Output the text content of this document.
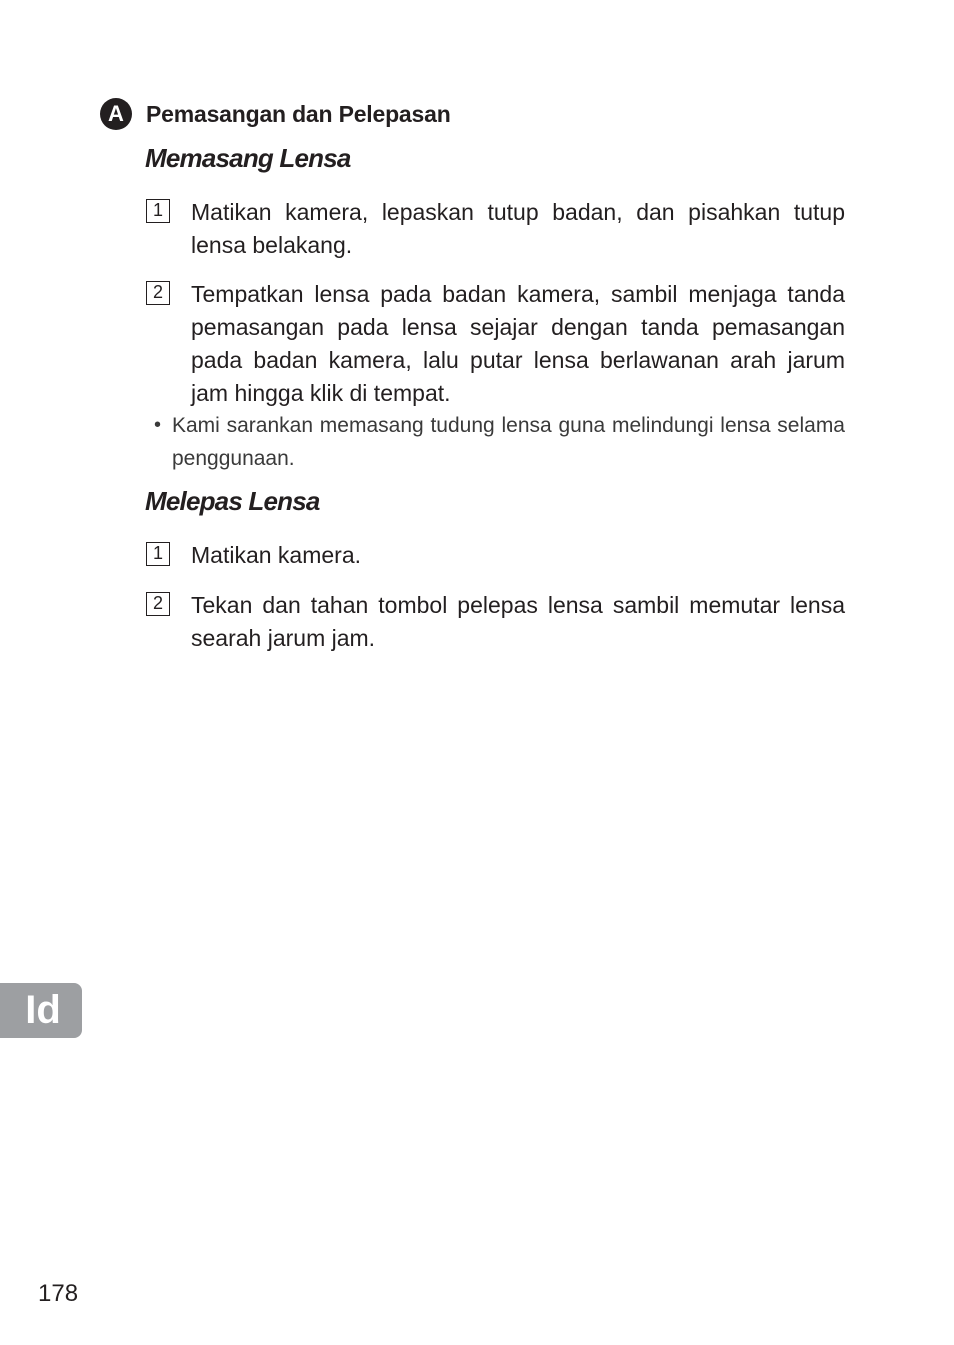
A Pemasangan dan Pelepasan
Memasang Lensa
1	Matikan kamera, lepaskan tutup badan, dan pisahkan tutup lensa belakang.
2	Tempatkan lensa pada badan kamera, sambil menjaga tanda pemasangan pada lensa sejajar dengan tanda pemasangan pada badan kamera, lalu putar lensa berlawanan arah jarum jam hingga klik di tempat.
• Kami sarankan memasang tudung lensa guna melindungi lensa selama penggunaan.
Melepas Lensa
1	Matikan kamera.
2	Tekan dan tahan tombol pelepas lensa sambil memutar lensa searah jarum jam.
Id
178
